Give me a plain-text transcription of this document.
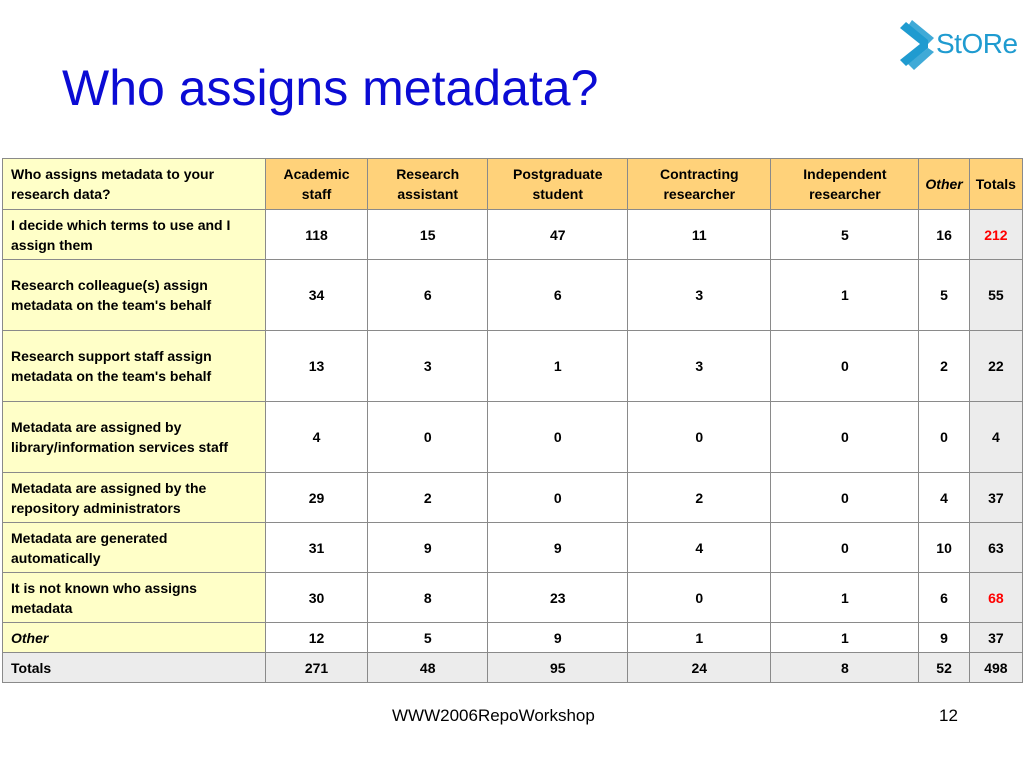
Who assigns metadata?
StORe
Who assigns metadata to your research data?	Academic staff	Research assistant	Postgraduate student	Contracting researcher	Independent researcher	Other	Totals
I decide which terms to use and I assign them	118	15	47	11	5	16	212
Research colleague(s) assign metadata on the team's behalf	34	6	6	3	1	5	55
Research support staff assign metadata on the team's behalf	13	3	1	3	0	2	22
Metadata are assigned by library/information services staff	4	0	0	0	0	0	4
Metadata are assigned by the repository administrators	29	2	0	2	0	4	37
Metadata are generated automatically	31	9	9	4	0	10	63
It is not known who assigns metadata	30	8	23	0	1	6	68
Other	12	5	9	1	1	9	37
Totals	271	48	95	24	8	52	498
WWW2006RepoWorkshop	12
